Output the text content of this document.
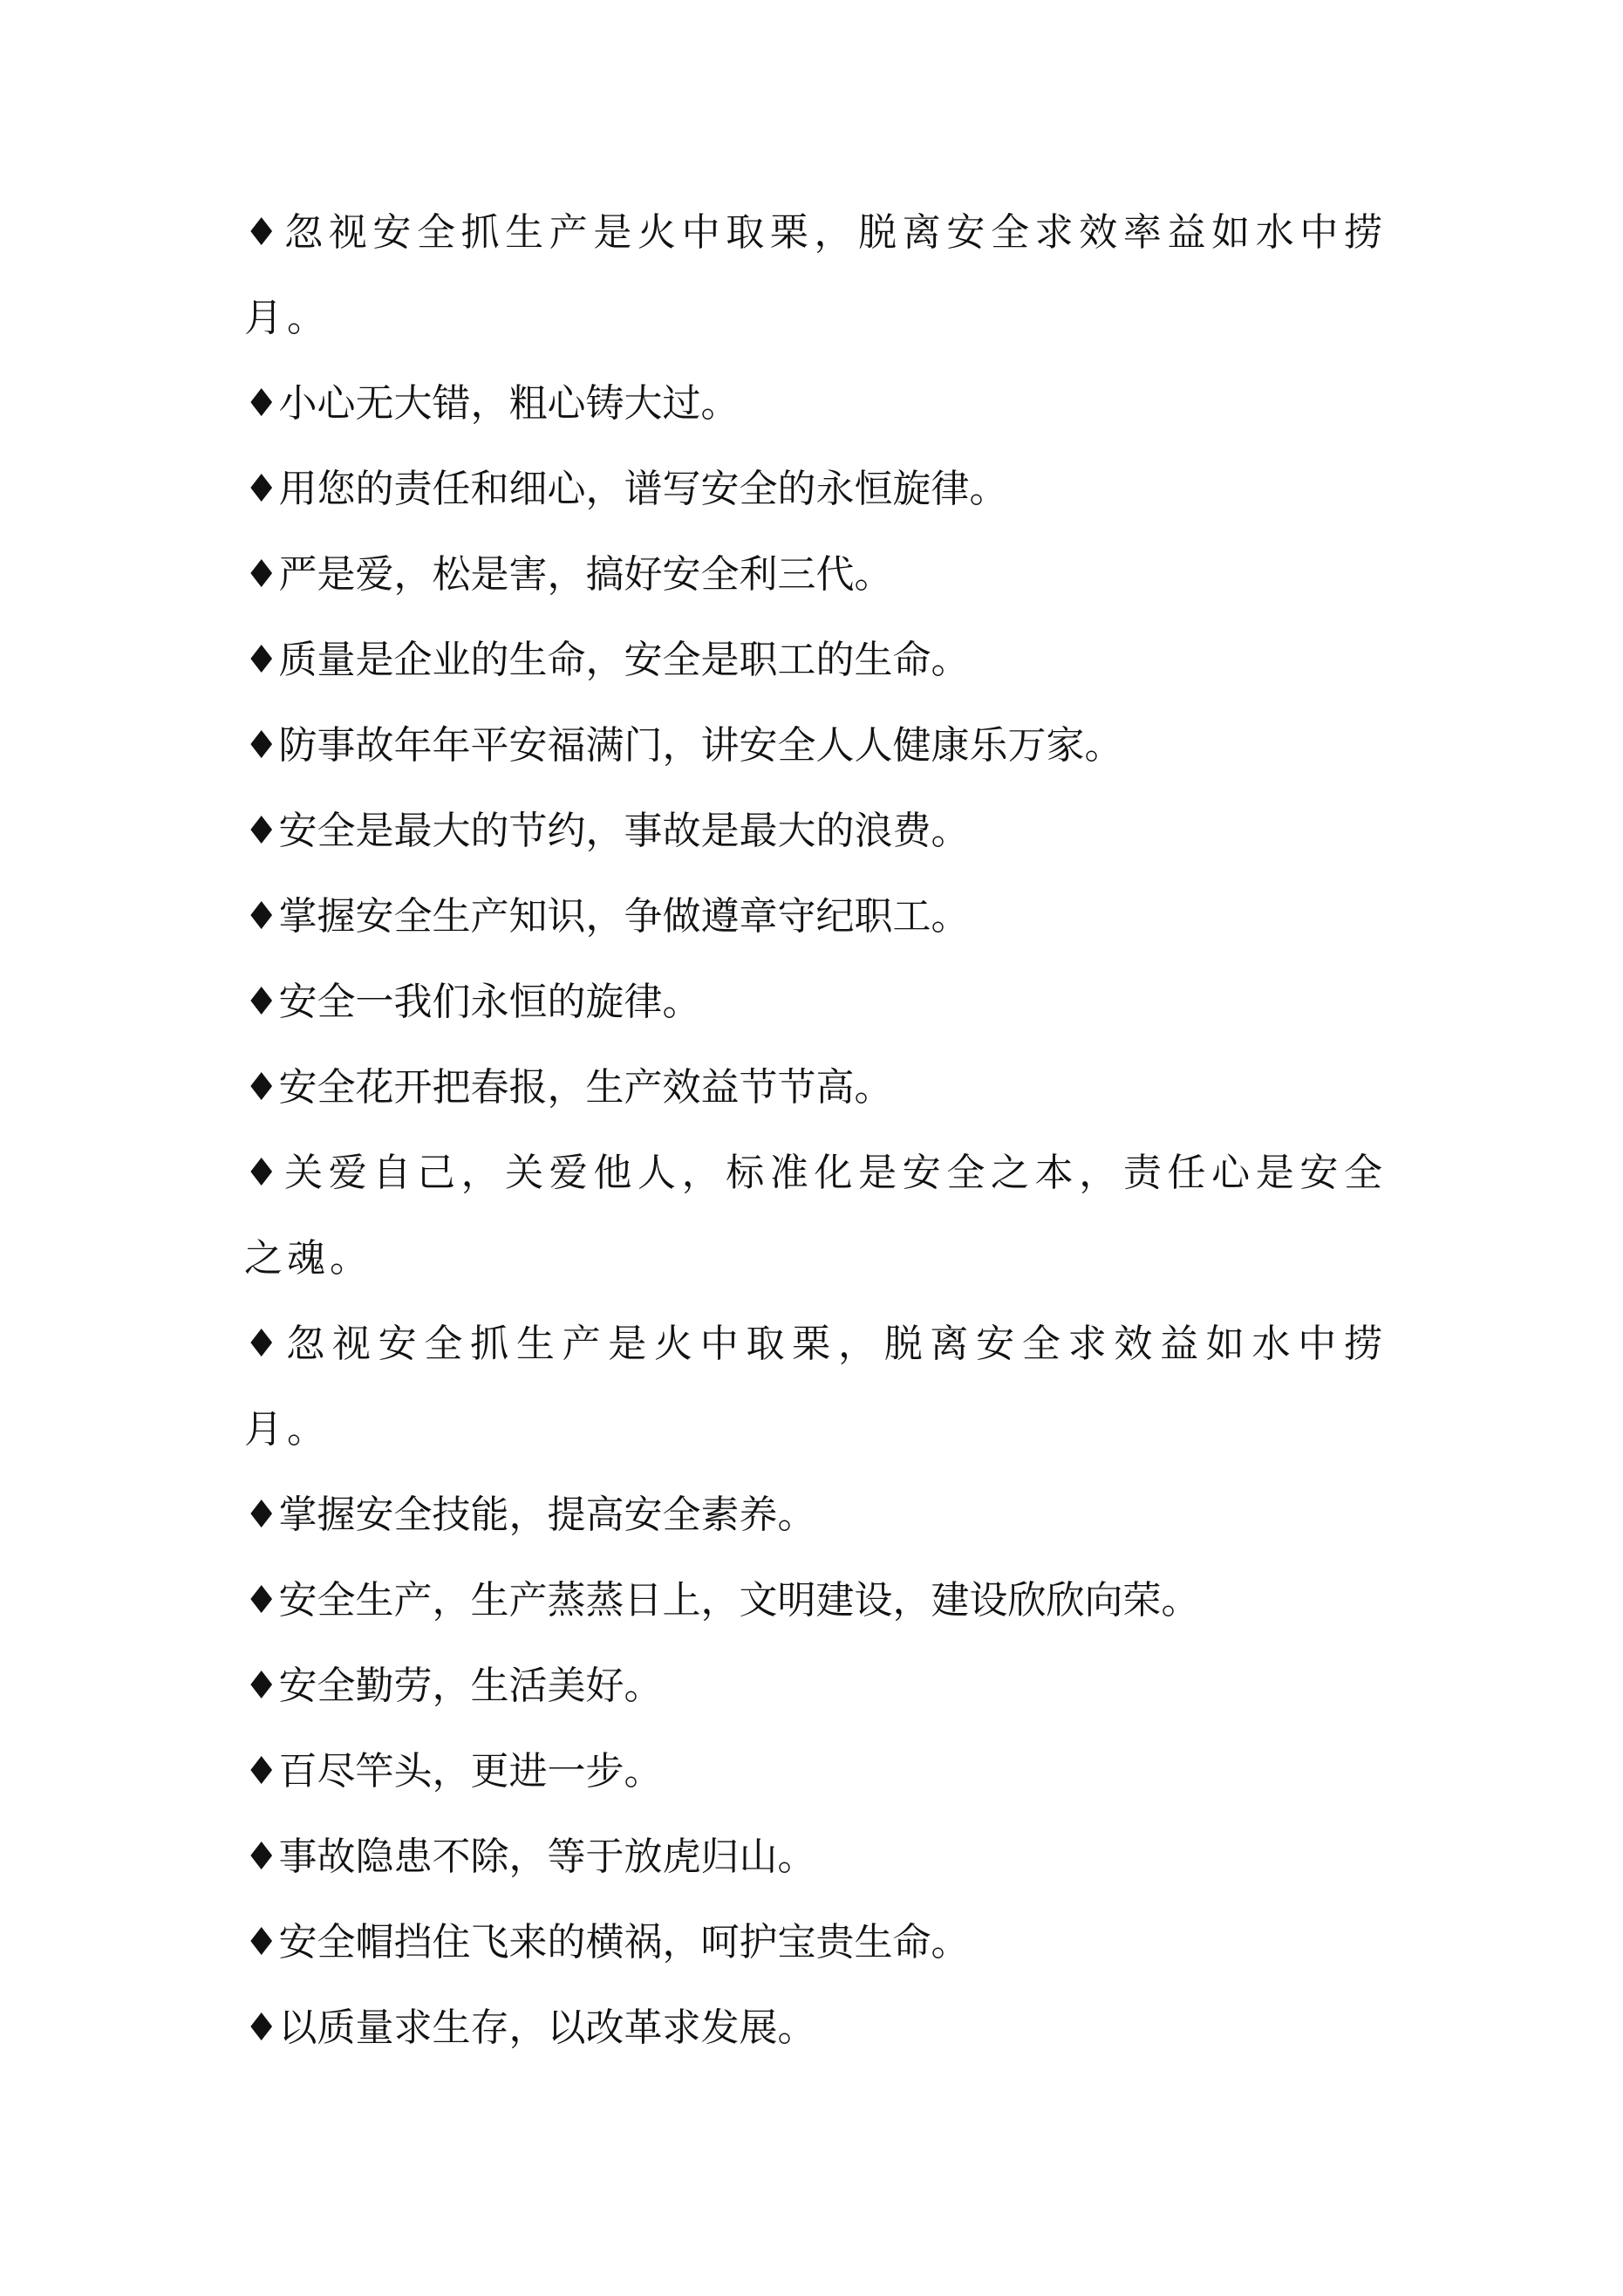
♦忽视安全抓生产是火中取栗，脱离安全求效率益如水中捞月。

♦小心无大错，粗心铸大过。

♦用您的责任和细心，谱写安全的永恒旋律。

♦严是爱，松是害，搞好安全利三代。

♦质量是企业的生命，安全是职工的生命。

♦防事故年年平安福满门，讲安全人人健康乐万家。

♦安全是最大的节约，事故是最大的浪费。

♦掌握安全生产知识，争做遵章守纪职工。

♦安全一我们永恒的旋律。

♦安全花开把春报，生产效益节节高。

♦关爱自己，关爱他人，标准化是安全之本，责任心是安全之魂。

♦忽视安全抓生产是火中取栗，脱离安全求效益如水中捞月。

♦掌握安全技能，提高安全素养。

♦安全生产，生产蒸蒸日上，文明建设，建设欣欣向荣。

♦安全勤劳，生活美好。

♦百尽竿头，更进一步。

♦事故隐患不除，等于放虎归山。

♦安全帽挡住飞来的横祸，呵护宝贵生命。

♦以质量求生存，以改革求发展。
